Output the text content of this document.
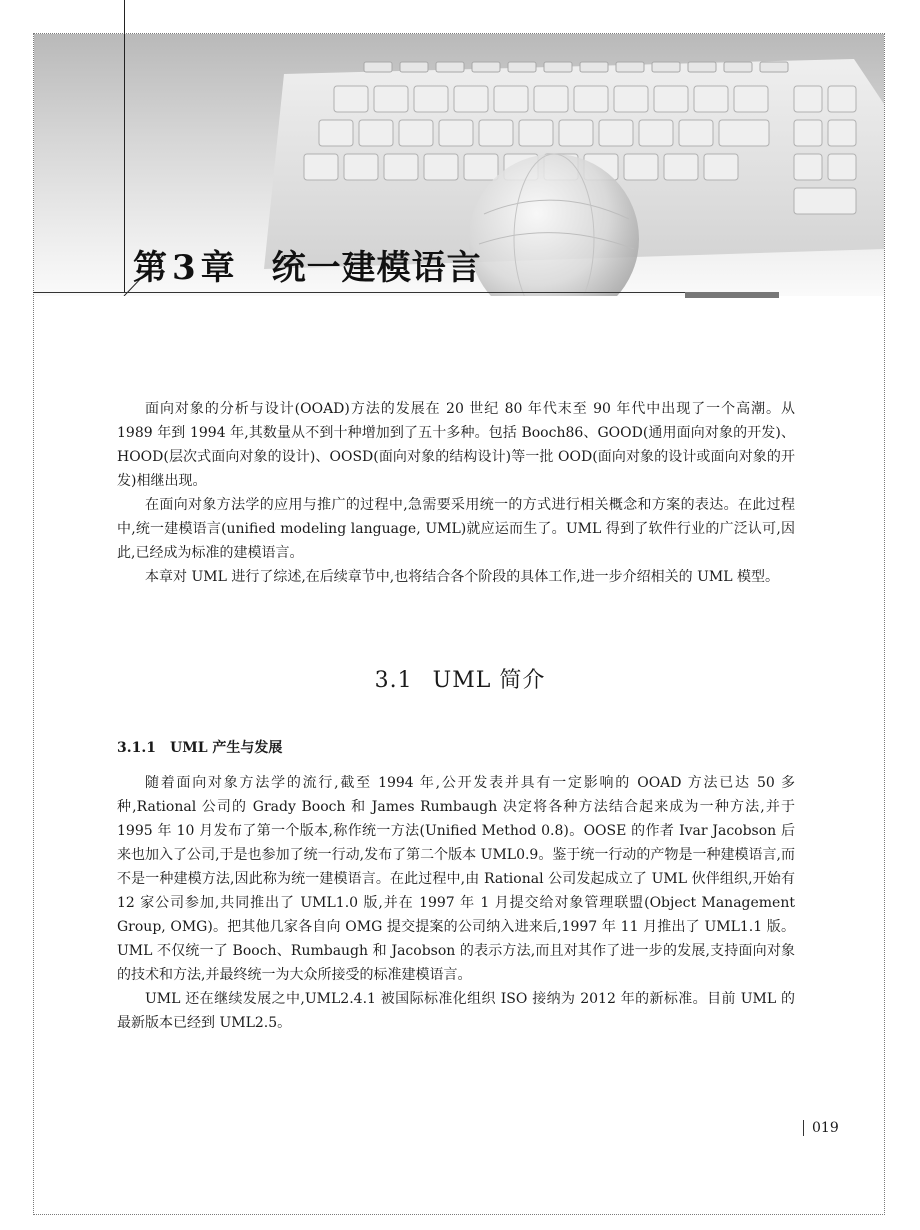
第 3 章 统一建模语言

面向对象的分析与设计(OOAD)方法的发展在 20 世纪 80 年代末至 90 年代中出现了一个高潮。从 1989 年到 1994 年,其数量从不到十种增加到了五十多种。包括 Booch86、GOOD(通用面向对象的开发)、HOOD(层次式面向对象的设计)、OOSD(面向对象的结构设计)等一批 OOD(面向对象的设计或面向对象的开发)相继出现。

在面向对象方法学的应用与推广的过程中,急需要采用统一的方式进行相关概念和方案的表达。在此过程中,统一建模语言(unified modeling language, UML)就应运而生了。UML 得到了软件行业的广泛认可,因此,已经成为标准的建模语言。

本章对 UML 进行了综述,在后续章节中,也将结合各个阶段的具体工作,进一步介绍相关的 UML 模型。

3.1 UML 简介
3.1.1 UML 产生与发展

随着面向对象方法学的流行,截至 1994 年,公开发表并具有一定影响的 OOAD 方法已达 50 多种,Rational 公司的 Grady Booch 和 James Rumbaugh 决定将各种方法结合起来成为一种方法,并于 1995 年 10 月发布了第一个版本,称作统一方法(Unified Method 0.8)。OOSE 的作者 Ivar Jacobson 后来也加入了公司,于是也参加了统一行动,发布了第二个版本 UML0.9。鉴于统一行动的产物是一种建模语言,而不是一种建模方法,因此称为统一建模语言。在此过程中,由 Rational 公司发起成立了 UML 伙伴组织,开始有 12 家公司参加,共同推出了 UML1.0 版,并在 1997 年 1 月提交给对象管理联盟(Object Management Group, OMG)。把其他几家各自向 OMG 提交提案的公司纳入进来后,1997 年 11 月推出了 UML1.1 版。UML 不仅统一了 Booch、Rumbaugh 和 Jacobson 的表示方法,而且对其作了进一步的发展,支持面向对象的技术和方法,并最终统一为大众所接受的标准建模语言。

UML 还在继续发展之中,UML2.4.1 被国际标准化组织 ISO 接纳为 2012 年的新标准。目前 UML 的最新版本已经到 UML2.5。

019
